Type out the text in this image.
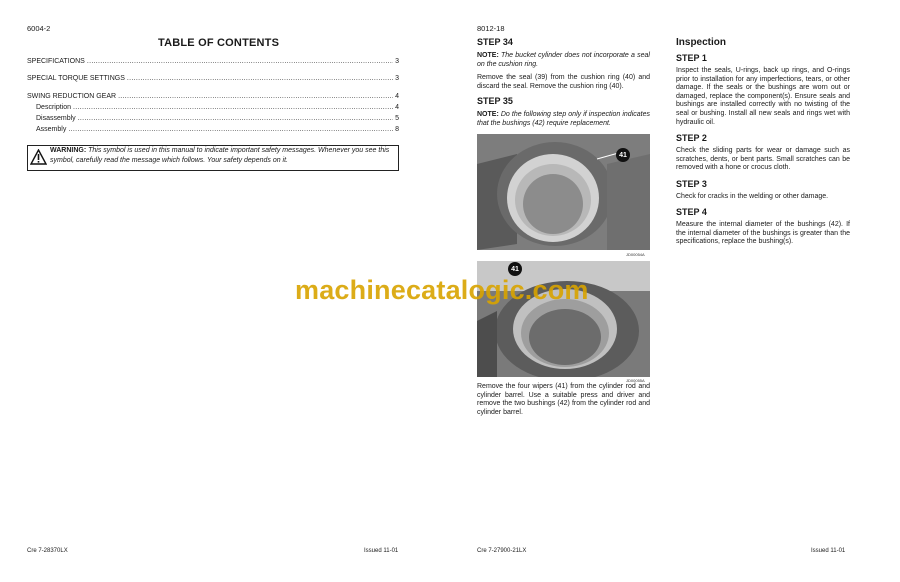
6004-2
TABLE OF CONTENTS
SPECIFICATIONS .....	3
SPECIAL TORQUE SETTINGS .....	3
SWING REDUCTION GEAR .....	4
Description .....	4
Disassembly .....	5
Assembly .....	8
WARNING: This symbol is used in this manual to indicate important safety messages. Whenever you see this symbol, carefully read the message which follows. Your safety depends on it.
Cre 7-28370LX	Issued 11-01
8012-18
STEP 34
NOTE: The bucket cylinder does not incorporate a seal on the cushion ring.
Remove the seal (39) from the cushion ring (40) and discard the seal. Remove the cushion ring (40).
STEP 35
NOTE: Do the following step only if inspection indicates that the bushings (42) require replacement.
41
JD00054A
41
JD00055A
Remove the four wipers (41) from the cylinder rod and cylinder barrel. Use a suitable press and driver and remove the two bushings (42) from the cylinder rod and cylinder barrel.
Inspection
STEP 1
Inspect the seals, U-rings, back up rings, and O-rings prior to installation for any imperfections, tears, or other damage. If the seals or the bushings are worn out or damaged, replace the component(s). Ensure seals and bushings are installed correctly with no twisting of the seal or bushing. Install all new seals and rings wet with hydraulic oil.
STEP 2
Check the sliding parts for wear or damage such as scratches, dents, or bent parts. Small scratches can be removed with a hone or crocus cloth.
STEP 3
Check for cracks in the welding or other damage.
STEP 4
Measure the internal diameter of the bushings (42). If the internal diameter of the bushings is greater than the specifications, replace the bushing(s).
Cre 7-27900-21LX	Issued 11-01
machinecatalogic.com
